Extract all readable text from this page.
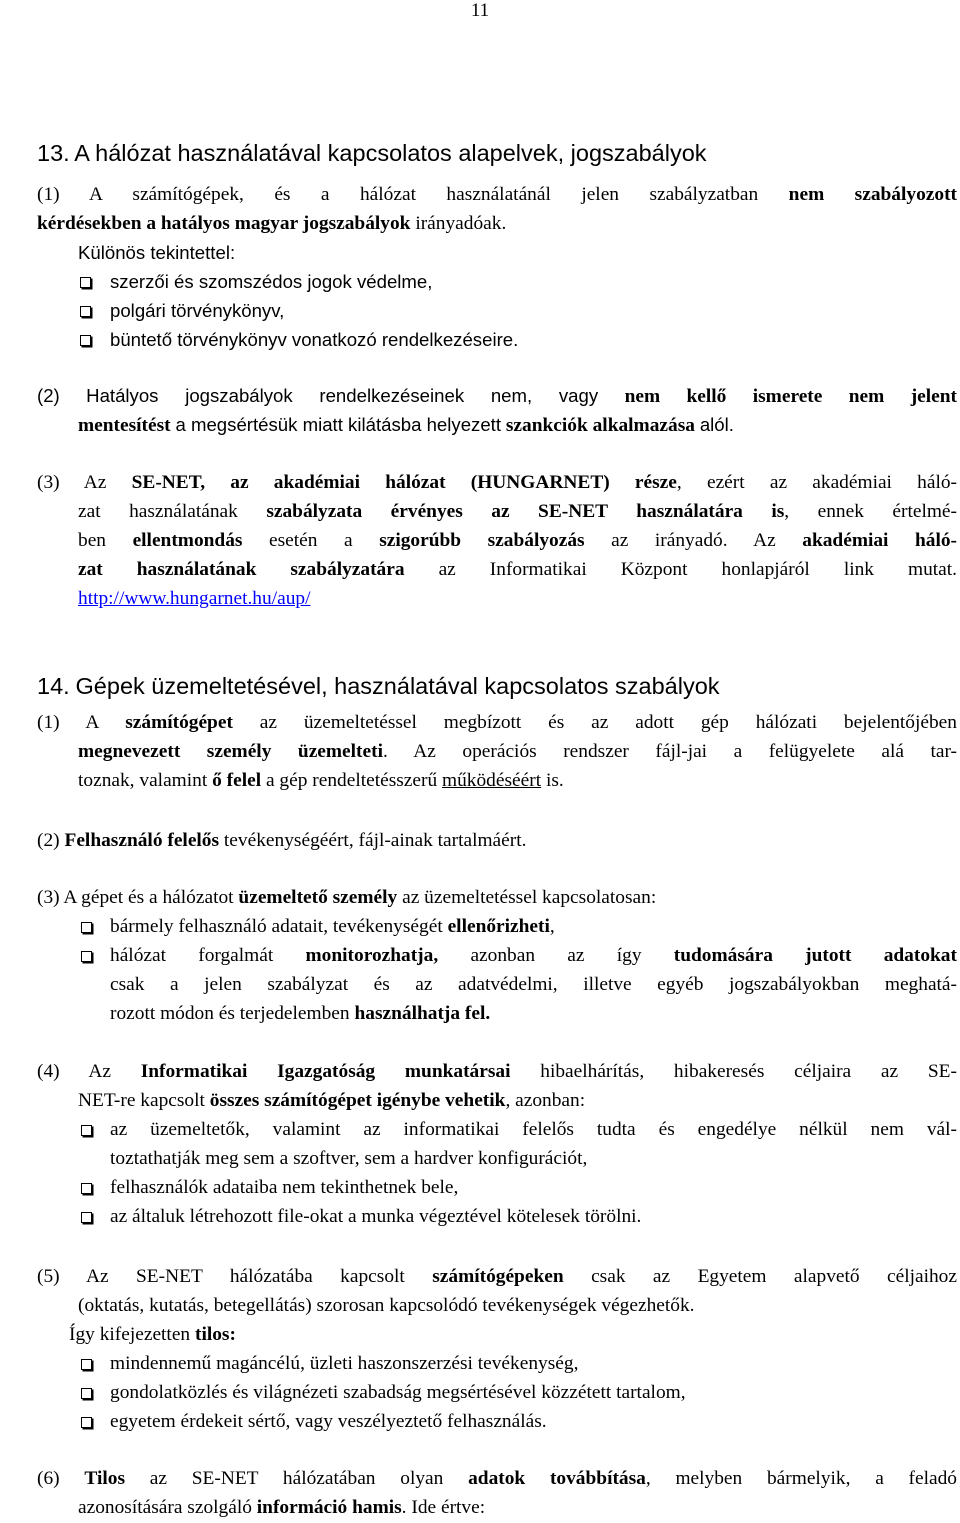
11
13. A hálózat használatával kapcsolatos alapelvek, jogszabályok
(1) A számítógépek, és a hálózat használatánál jelen szabályzatban nem szabályozott
kérdésekben a hatályos magyar jogszabályok irányadóak.
Különös tekintettel:
szerzői és szomszédos jogok védelme,
polgári törvénykönyv,
büntető törvénykönyv vonatkozó rendelkezéseire.
(2) Hatályos jogszabályok rendelkezéseinek nem, vagy nem kellő ismerete nem jelent
mentesítést a megsértésük miatt kilátásba helyezett szankciók alkalmazása alól.
(3) Az SE-NET, az akadémiai hálózat (HUNGARNET) része, ezért az akadémiai háló-
zat használatának szabályzata érvényes az SE-NET használatára is, ennek értelmé-
ben ellentmondás esetén a szigorúbb szabályozás az irányadó. Az akadémiai háló-
zat használatának szabályzatára az Informatikai Központ honlapjáról link mutat.
http://www.hungarnet.hu/aup/
14. Gépek üzemeltetésével, használatával kapcsolatos szabályok
(1) A számítógépet az üzemeltetéssel megbízott és az adott gép hálózati bejelentőjében
megnevezett személy üzemelteti. Az operációs rendszer fájl-jai a felügyelete alá tar-
toznak, valamint ő felel a gép rendeltetésszerű működéséért is.
(2) Felhasználó felelős tevékenységéért, fájl-ainak tartalmáért.
(3) A gépet és a hálózatot üzemeltető személy az üzemeltetéssel kapcsolatosan:
bármely felhasználó adatait, tevékenységét ellenőrizheti,
hálózat forgalmát monitorozhatja, azonban az így tudomására jutott adatokat
csak a jelen szabályzat és az adatvédelmi, illetve egyéb jogszabályokban meghatá-
rozott módon és terjedelemben használhatja fel.
(4) Az Informatikai Igazgatóság munkatársai hibaelhárítás, hibakeresés céljaira az SE-
NET-re kapcsolt összes számítógépet igénybe vehetik, azonban:
az üzemeltetők, valamint az informatikai felelős tudta és engedélye nélkül nem vál-
toztathatják meg sem a szoftver, sem a hardver konfigurációt,
felhasználók adataiba nem tekinthetnek bele,
az általuk létrehozott file-okat a munka végeztével kötelesek törölni.
(5) Az SE-NET hálózatába kapcsolt számítógépeken csak az Egyetem alapvető céljaihoz
(oktatás, kutatás, betegellátás) szorosan kapcsolódó tevékenységek végezhetők.
Így kifejezetten tilos:
mindennemű magáncélú, üzleti haszonszerzési tevékenység,
gondolatközlés és világnézeti szabadság megsértésével közzétett tartalom,
egyetem érdekeit sértő, vagy veszélyeztető felhasználás.
(6) Tilos az SE-NET hálózatában olyan adatok továbbítása, melyben bármelyik, a feladó
azonosítására szolgáló információ hamis. Ide értve:
